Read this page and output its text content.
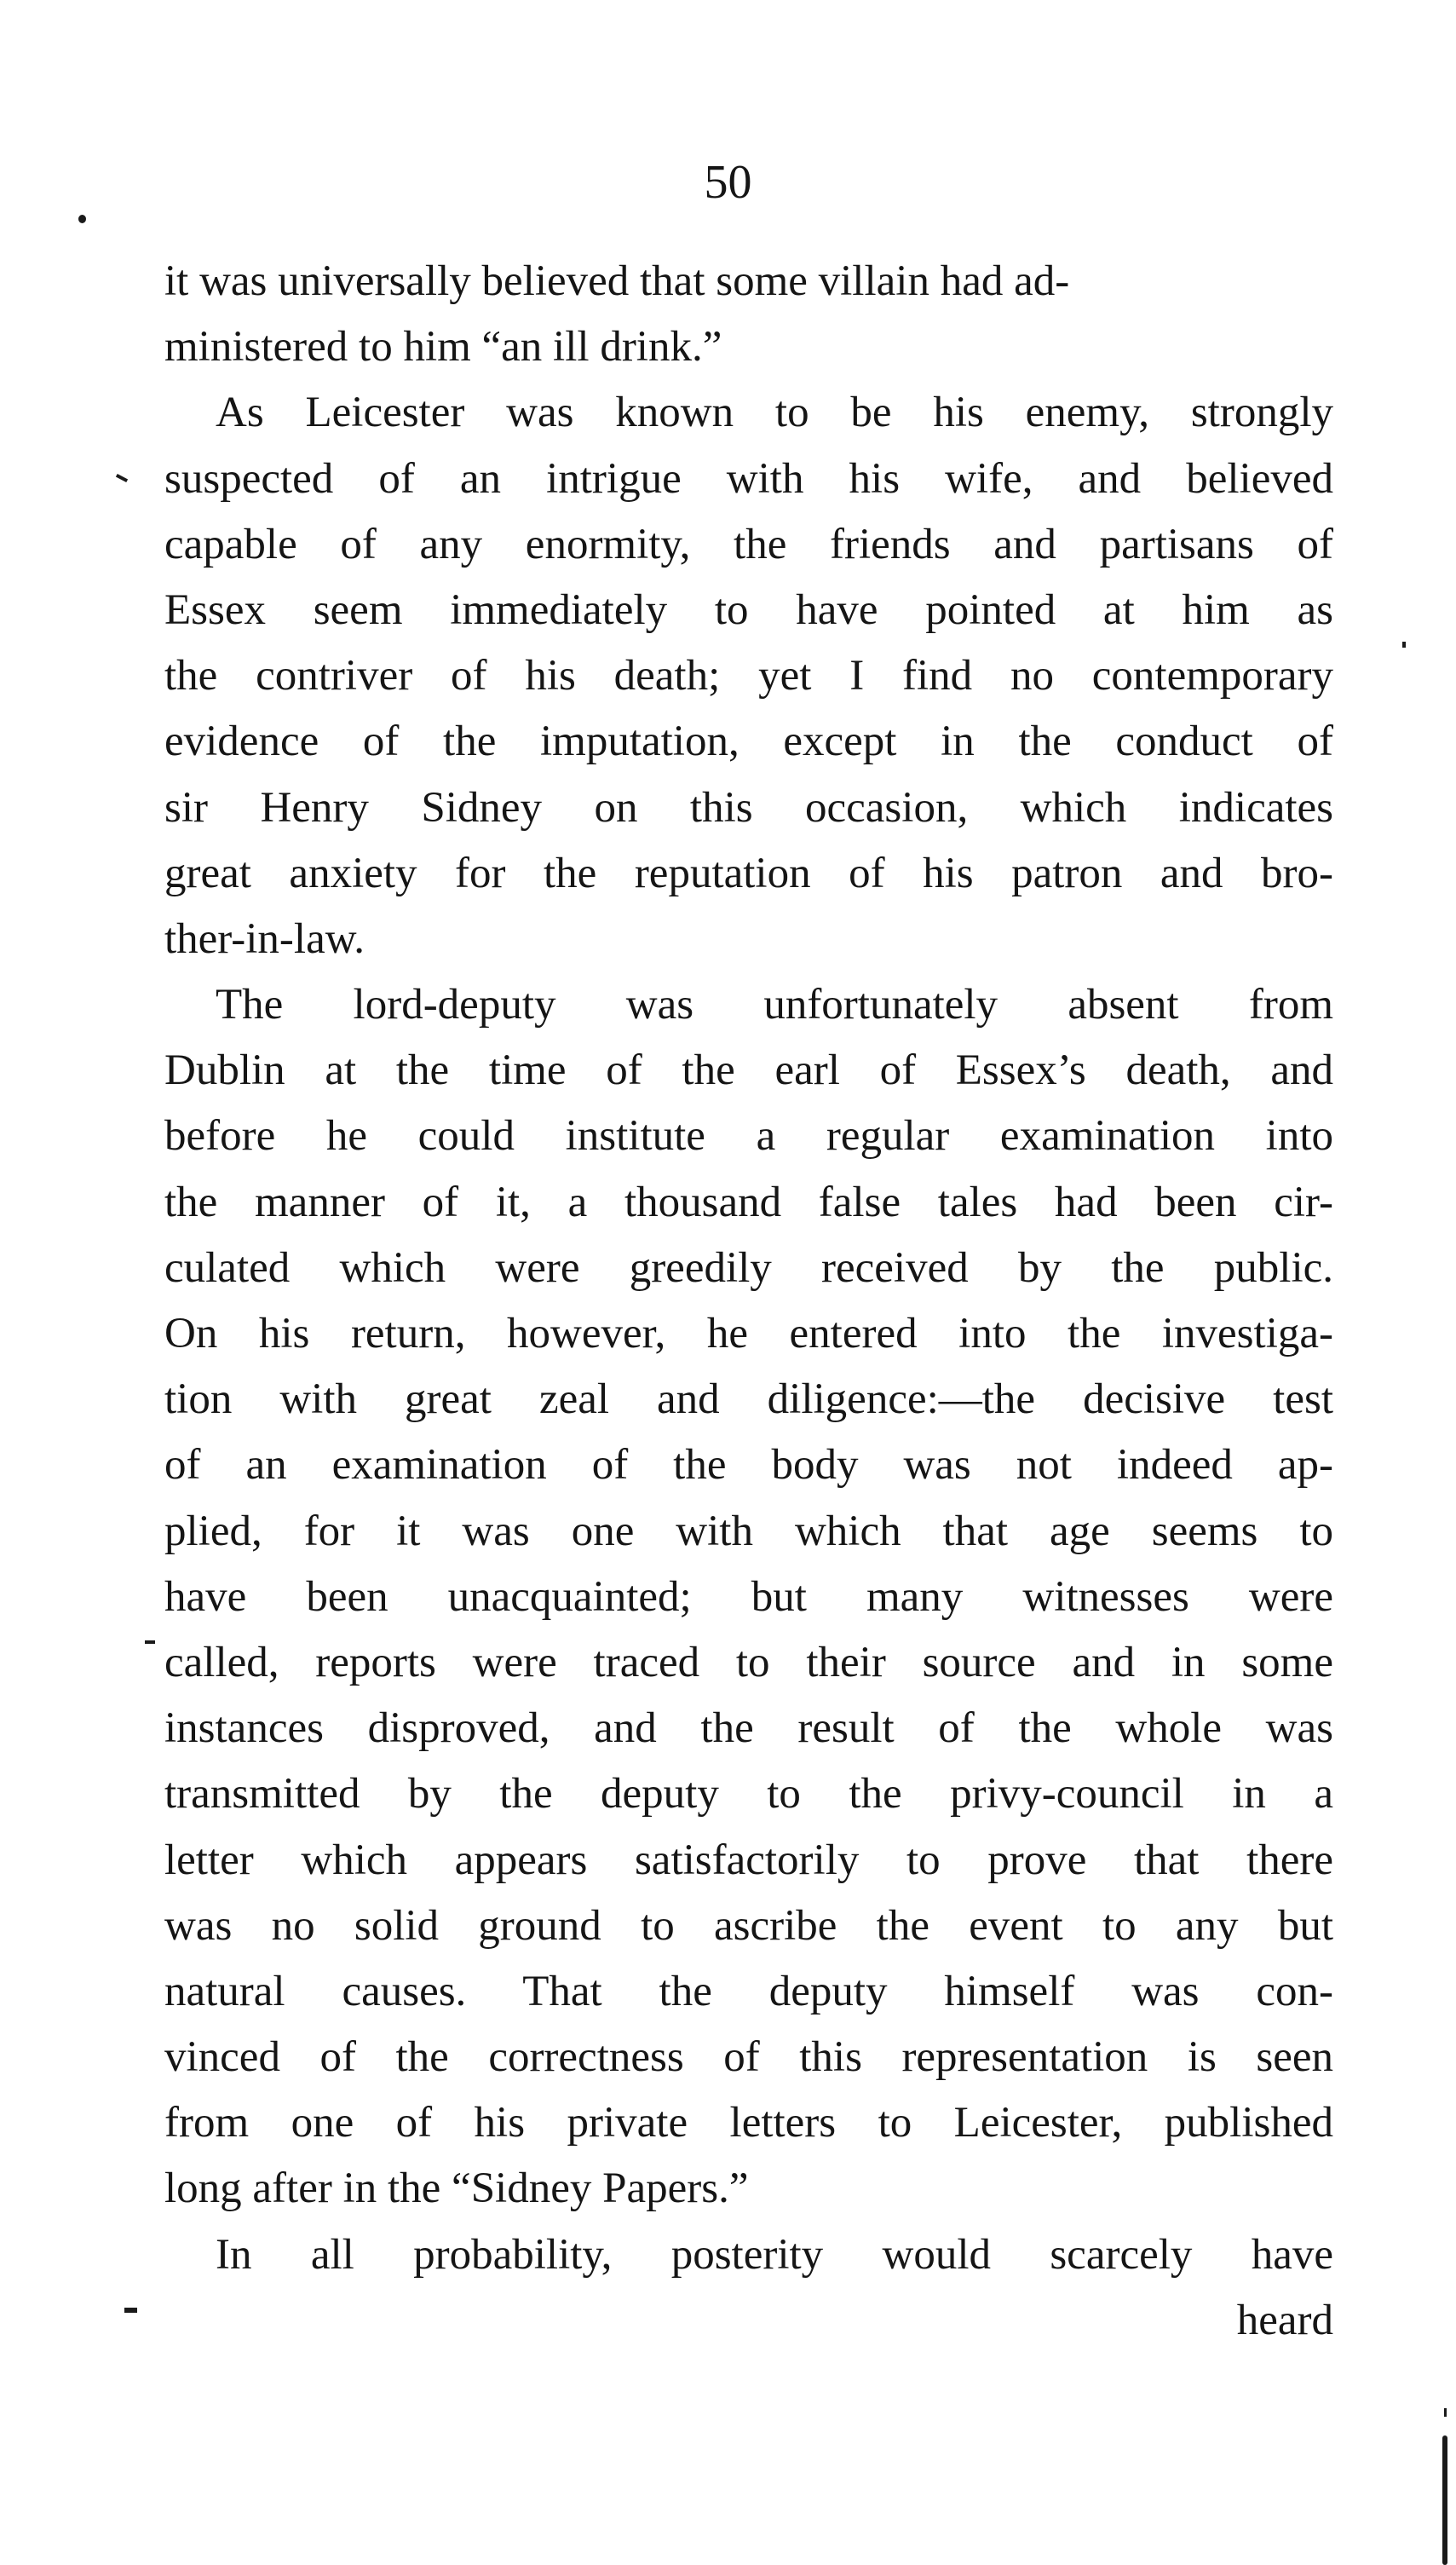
50
it was universally believed that some villain had ad-
ministered to him “an ill drink.”
As Leicester was known to be his enemy, strongly
suspected of an intrigue with his wife, and believed
capable of any enormity, the friends and partisans of
Essex seem immediately to have pointed at him as
the contriver of his death; yet I find no contemporary
evidence of the imputation, except in the conduct of
sir Henry Sidney on this occasion, which indicates
great anxiety for the reputation of his patron and bro-
ther-in-law.
The lord-deputy was unfortunately absent from
Dublin at the time of the earl of Essex’s death, and
before he could institute a regular examination into
the manner of it, a thousand false tales had been cir-
culated which were greedily received by the public.
On his return, however, he entered into the investiga-
tion with great zeal and diligence:—the decisive test
of an examination of the body was not indeed ap-
plied, for it was one with which that age seems to
have been unacquainted; but many witnesses were
called, reports were traced to their source and in some
instances disproved, and the result of the whole was
transmitted by the deputy to the privy-council in a
letter which appears satisfactorily to prove that there
was no solid ground to ascribe the event to any but
natural causes. That the deputy himself was con-
vinced of the correctness of this representation is seen
from one of his private letters to Leicester, published
long after in the “Sidney Papers.”
In all probability, posterity would scarcely have
heard
